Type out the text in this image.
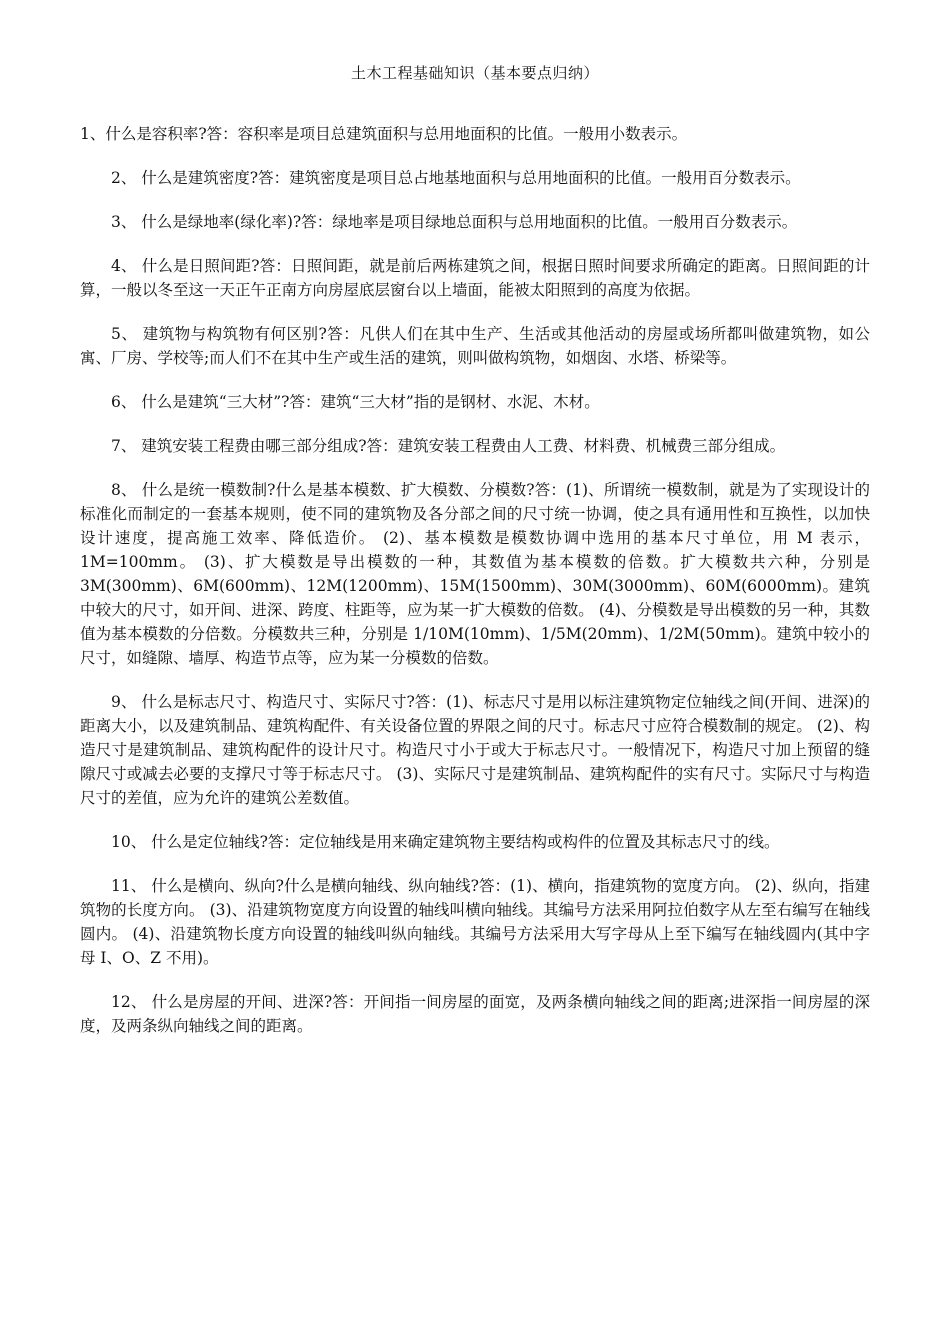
土木工程基础知识（基本要点归纳）

1、什么是容积率?答：容积率是项目总建筑面积与总用地面积的比值。一般用小数表示。

2、 什么是建筑密度?答：建筑密度是项目总占地基地面积与总用地面积的比值。一般用百分数表示。

3、 什么是绿地率(绿化率)?答：绿地率是项目绿地总面积与总用地面积的比值。一般用百分数表示。

4、 什么是日照间距?答：日照间距，就是前后两栋建筑之间，根据日照时间要求所确定的距离。日照间距的计算，一般以冬至这一天正午正南方向房屋底层窗台以上墙面，能被太阳照到的高度为依据。

5、 建筑物与构筑物有何区别?答：凡供人们在其中生产、生活或其他活动的房屋或场所都叫做建筑物，如公寓、厂房、学校等;而人们不在其中生产或生活的建筑，则叫做构筑物，如烟囱、水塔、桥梁等。

6、 什么是建筑“三大材”?答：建筑“三大材”指的是钢材、水泥、木材。

7、 建筑安装工程费由哪三部分组成?答：建筑安装工程费由人工费、材料费、机械费三部分组成。

8、 什么是统一模数制?什么是基本模数、扩大模数、分模数?答：(1)、所谓统一模数制，就是为了实现设计的标准化而制定的一套基本规则，使不同的建筑物及各分部之间的尺寸统一协调，使之具有通用性和互换性，以加快设计速度，提高施工效率、降低造价。 (2)、基本模数是模数协调中选用的基本尺寸单位，用 M 表示，1M=100mm。 (3)、扩大模数是导出模数的一种，其数值为基本模数的倍数。扩大模数共六种，分别是 3M(300mm)、6M(600mm)、12M(1200mm)、15M(1500mm)、30M(3000mm)、60M(6000mm)。建筑中较大的尺寸，如开间、进深、跨度、柱距等，应为某一扩大模数的倍数。 (4)、分模数是导出模数的另一种，其数值为基本模数的分倍数。分模数共三种，分别是 1/10M(10mm)、1/5M(20mm)、1/2M(50mm)。建筑中较小的尺寸，如缝隙、墙厚、构造节点等，应为某一分模数的倍数。

9、 什么是标志尺寸、构造尺寸、实际尺寸?答：(1)、标志尺寸是用以标注建筑物定位轴线之间(开间、进深)的距离大小，以及建筑制品、建筑构配件、有关设备位置的界限之间的尺寸。标志尺寸应符合模数制的规定。 (2)、构造尺寸是建筑制品、建筑构配件的设计尺寸。构造尺寸小于或大于标志尺寸。一般情况下，构造尺寸加上预留的缝隙尺寸或减去必要的支撑尺寸等于标志尺寸。 (3)、实际尺寸是建筑制品、建筑构配件的实有尺寸。实际尺寸与构造尺寸的差值，应为允许的建筑公差数值。

10、 什么是定位轴线?答：定位轴线是用来确定建筑物主要结构或构件的位置及其标志尺寸的线。

11、 什么是横向、纵向?什么是横向轴线、纵向轴线?答：(1)、横向，指建筑物的宽度方向。 (2)、纵向，指建筑物的长度方向。 (3)、沿建筑物宽度方向设置的轴线叫横向轴线。其编号方法采用阿拉伯数字从左至右编写在轴线圆内。 (4)、沿建筑物长度方向设置的轴线叫纵向轴线。其编号方法采用大写字母从上至下编写在轴线圆内(其中字母 I、O、Z 不用)。

12、 什么是房屋的开间、进深?答：开间指一间房屋的面宽，及两条横向轴线之间的距离;进深指一间房屋的深度，及两条纵向轴线之间的距离。
